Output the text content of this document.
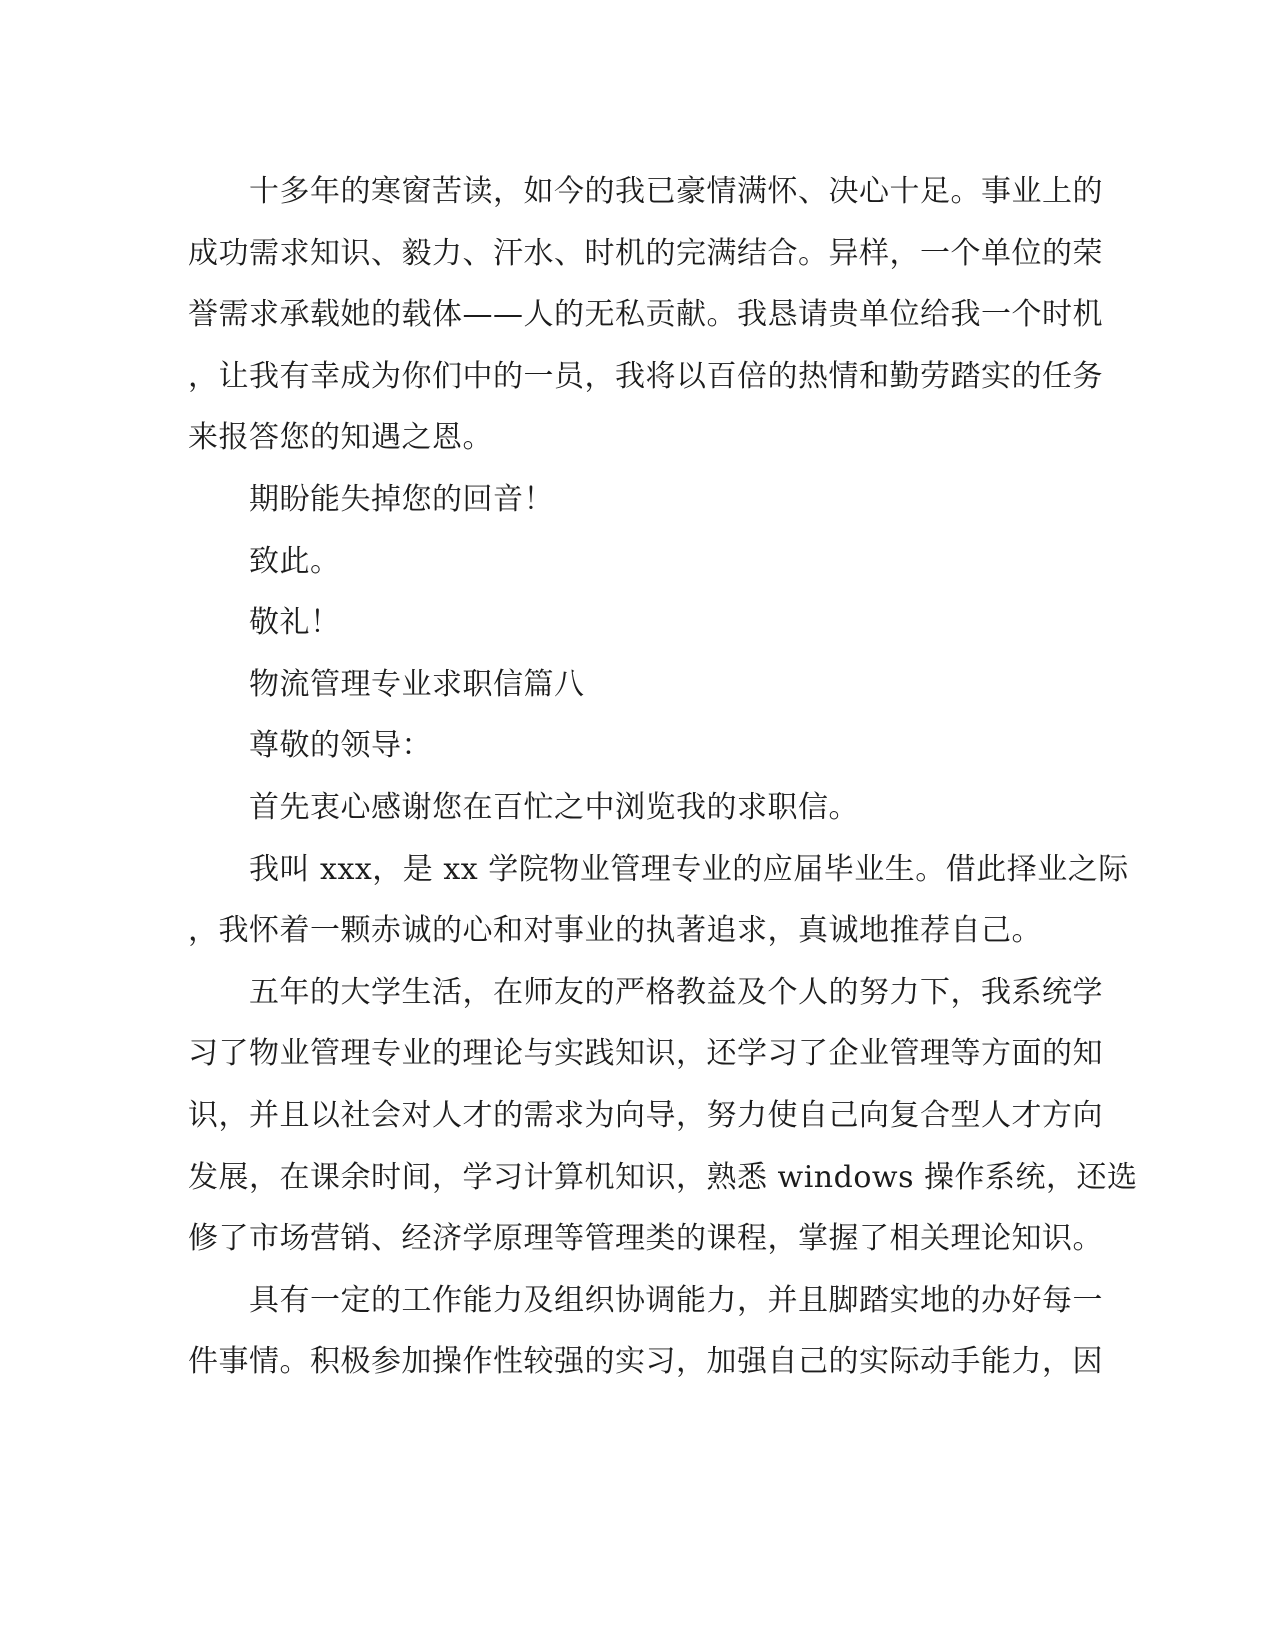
十多年的寒窗苦读，如今的我已豪情满怀、决心十足。事业上的
成功需求知识、毅力、汗水、时机的完满结合。异样，一个单位的荣
誉需求承载她的载体——人的无私贡献。我恳请贵单位给我一个时机
，让我有幸成为你们中的一员，我将以百倍的热情和勤劳踏实的任务
来报答您的知遇之恩。
期盼能失掉您的回音！
致此。
敬礼！
物流管理专业求职信篇八
尊敬的领导：
首先衷心感谢您在百忙之中浏览我的求职信。
我叫 xxx，是 xx 学院物业管理专业的应届毕业生。借此择业之际
，我怀着一颗赤诚的心和对事业的执著追求，真诚地推荐自己。
五年的大学生活，在师友的严格教益及个人的努力下，我系统学
习了物业管理专业的理论与实践知识，还学习了企业管理等方面的知
识，并且以社会对人才的需求为向导，努力使自己向复合型人才方向
发展，在课余时间，学习计算机知识，熟悉 windows 操作系统，还选
修了市场营销、经济学原理等管理类的课程，掌握了相关理论知识。
具有一定的工作能力及组织协调能力，并且脚踏实地的办好每一
件事情。积极参加操作性较强的实习，加强自己的实际动手能力，因
